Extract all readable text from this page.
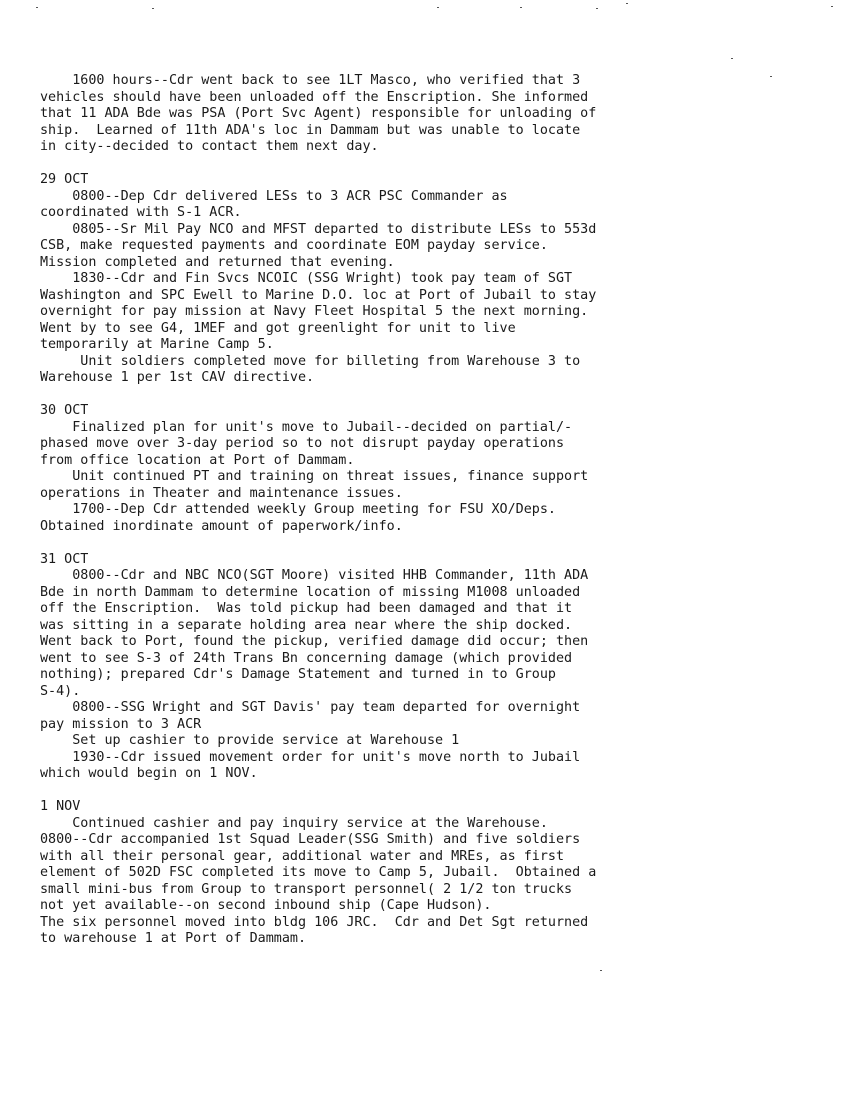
1600 hours--Cdr went back to see 1LT Masco, who verified that 3
vehicles should have been unloaded off the Enscription. She informed
that 11 ADA Bde was PSA (Port Svc Agent) responsible for unloading of
ship.  Learned of 11th ADA's loc in Dammam but was unable to locate
in city--decided to contact them next day.
29 OCT
0800--Dep Cdr delivered LESs to 3 ACR PSC Commander as
coordinated with S-1 ACR.
0805--Sr Mil Pay NCO and MFST departed to distribute LESs to 553d
CSB, make requested payments and coordinate EOM payday service.
Mission completed and returned that evening.
1830--Cdr and Fin Svcs NCOIC (SSG Wright) took pay team of SGT
Washington and SPC Ewell to Marine D.O. loc at Port of Jubail to stay
overnight for pay mission at Navy Fleet Hospital 5 the next morning.
Went by to see G4, 1MEF and got greenlight for unit to live
temporarily at Marine Camp 5.
Unit soldiers completed move for billeting from Warehouse 3 to
Warehouse 1 per 1st CAV directive.
30 OCT
Finalized plan for unit's move to Jubail--decided on partial/-
phased move over 3-day period so to not disrupt payday operations
from office location at Port of Dammam.
Unit continued PT and training on threat issues, finance support
operations in Theater and maintenance issues.
1700--Dep Cdr attended weekly Group meeting for FSU XO/Deps.
Obtained inordinate amount of paperwork/info.
31 OCT
0800--Cdr and NBC NCO(SGT Moore) visited HHB Commander, 11th ADA
Bde in north Dammam to determine location of missing M1008 unloaded
off the Enscription.  Was told pickup had been damaged and that it
was sitting in a separate holding area near where the ship docked.
Went back to Port, found the pickup, verified damage did occur; then
went to see S-3 of 24th Trans Bn concerning damage (which provided
nothing); prepared Cdr's Damage Statement and turned in to Group
S-4).
0800--SSG Wright and SGT Davis' pay team departed for overnight
pay mission to 3 ACR
Set up cashier to provide service at Warehouse 1
1930--Cdr issued movement order for unit's move north to Jubail
which would begin on 1 NOV.
1 NOV
Continued cashier and pay inquiry service at the Warehouse.
0800--Cdr accompanied 1st Squad Leader(SSG Smith) and five soldiers
with all their personal gear, additional water and MREs, as first
element of 502D FSC completed its move to Camp 5, Jubail.  Obtained a
small mini-bus from Group to transport personnel( 2 1/2 ton trucks
not yet available--on second inbound ship (Cape Hudson).
The six personnel moved into bldg 106 JRC.  Cdr and Det Sgt returned
to warehouse 1 at Port of Dammam.
